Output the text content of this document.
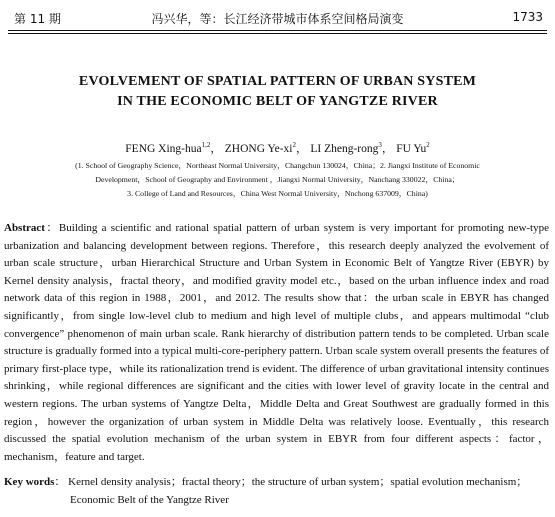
第 11 期	冯兴华，等：长江经济带城市体系空间格局演变	1733
EVOLVEMENT OF SPATIAL PATTERN OF URBAN SYSTEM
IN THE ECONOMIC BELT OF YANGTZE RIVER
FENG Xing-hua$^{1,2}$， ZHONG $Ye-xi^2$， LI Zheng-rong$^3$， FU Yu$^2$
(1. School of Geography Science，Northeast Normal University，Changchun 130024，China；2. Jiangxi Institute of Economic
Development，School of Geography and Environment ，Jiangxi Normal University，Nanchang 330022，China；
3. College of Land and Resources，China West Normal University，Nnchong 637009，China)
Abstract：Building a scientific and rational spatial pattern of urban system is very important for promoting new-type urbanization and balancing development between regions. Therefore，this research deeply analyzed the evolvement of urban scale structure，urban Hierarchical Structure and Urban System in Economic Belt of Yangtze River (EBYR) by Kernel density analysis，fractal theory，and modified gravity model etc.，based on the urban influence index and road network data of this region in 1988，2001，and 2012. The results show that：the urban scale in EBYR has changed significantly，from single low-level club to medium and high level of multiple clubs，and appears multimodal “club convergence” phenomenon of main urban scale. Rank hierarchy of distribution pattern tends to be completed. Urban scale structure is gradually formed into a typical multi-core-periphery pattern. Urban scale system overall presents the features of primary first-place type，while its rationalization trend is evident. The difference of urban gravitational intensity continues shrinking，while regional differences are significant and the cities with lower level of gravity locate in the central and western regions. The urban systems of Yangtze Delta，Middle Delta and Great Southwest are gradually formed in this region，however the organization of urban system in Middle Delta was relatively loose. Eventually，this research discussed the spatial evolution mechanism of the urban system in EBYR from four different aspects：factor，mechanism，feature and target.
Key words： Kernel density analysis；fractal theory；the structure of urban system；spatial evolution mechanism；
Economic Belt of the Yangtze River
